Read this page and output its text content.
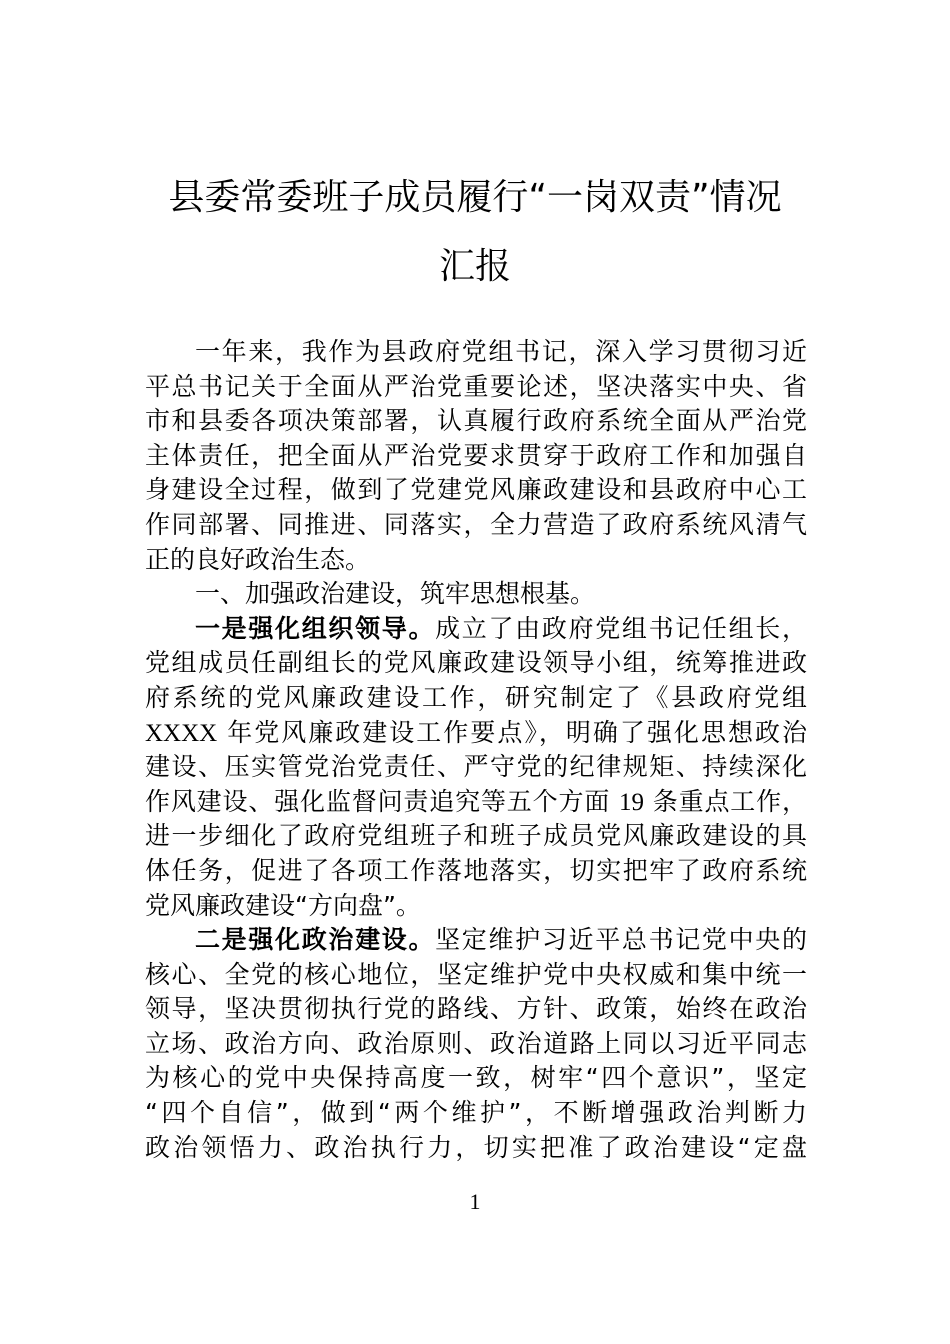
县委常委班子成员履行“一岗双责”情况
汇报
一年来，我作为县政府党组书记，深入学习贯彻习近
平总书记关于全面从严治党重要论述，坚决落实中央、省
市和县委各项决策部署，认真履行政府系统全面从严治党
主体责任，把全面从严治党要求贯穿于政府工作和加强自
身建设全过程，做到了党建党风廉政建设和县政府中心工
作同部署、同推进、同落实，全力营造了政府系统风清气
正的良好政治生态。
一、加强政治建设，筑牢思想根基。
一是强化组织领导。成立了由政府党组书记任组长，
党组成员任副组长的党风廉政建设领导小组，统筹推进政
府系统的党风廉政建设工作，研究制定了《县政府党组
XXXX 年党风廉政建设工作要点》，明确了强化思想政治
建设、压实管党治党责任、严守党的纪律规矩、持续深化
作风建设、强化监督问责追究等五个方面 19 条重点工作，
进一步细化了政府党组班子和班子成员党风廉政建设的具
体任务，促进了各项工作落地落实，切实把牢了政府系统
党风廉政建设“方向盘”。
二是强化政治建设。坚定维护习近平总书记党中央的
核心、全党的核心地位，坚定维护党中央权威和集中统一
领导，坚决贯彻执行党的路线、方针、政策，始终在政治
立场、政治方向、政治原则、政治道路上同以习近平同志
为核心的党中央保持高度一致，树牢“四个意识”，坚定
“四个自信”，做到“两个维护”，不断增强政治判断力
政治领悟力、政治执行力，切实把准了政治建设“定盘
1
